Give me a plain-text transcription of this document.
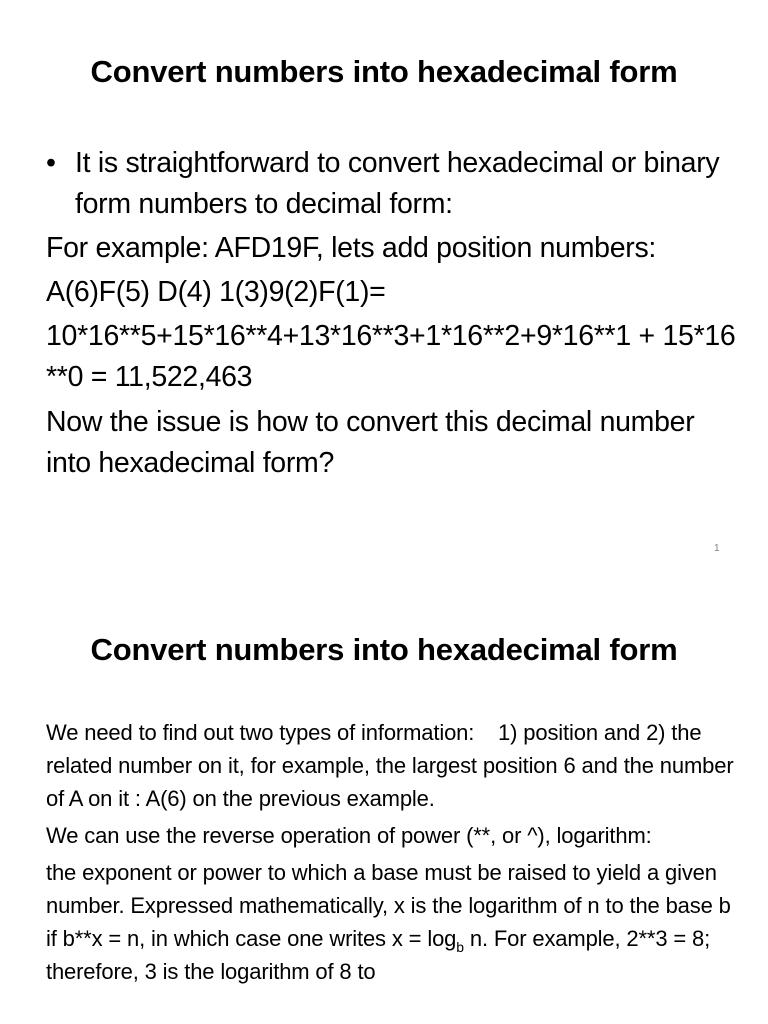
Convert numbers into hexadecimal form
• It is straightforward to convert hexadecimal or binary form numbers to decimal form:

For example: AFD19F, lets add position numbers:

A(6)F(5) D(4) 1(3)9(2)F(1)=

10*16**5+15*16**4+13*16**3+1*16**2+9*16**1 + 15*16**0 = 11,522,463

Now the issue is how to convert this decimal number into hexadecimal form?

1
Convert numbers into hexadecimal form

We need to find out two types of information:    1) position and 2) the related number on it, for example, the largest position 6 and the number of A on it : A(6) on the previous example.

We can use the reverse operation of power (**, or ^), logarithm:

the exponent or power to which a base must be raised to yield a given number. Expressed mathematically, x is the logarithm of n to the base b if b**x = n, in which case one writes $x = \log_b n$. For example, 2**3 = 8; therefore, 3 is the logarithm of 8 to
